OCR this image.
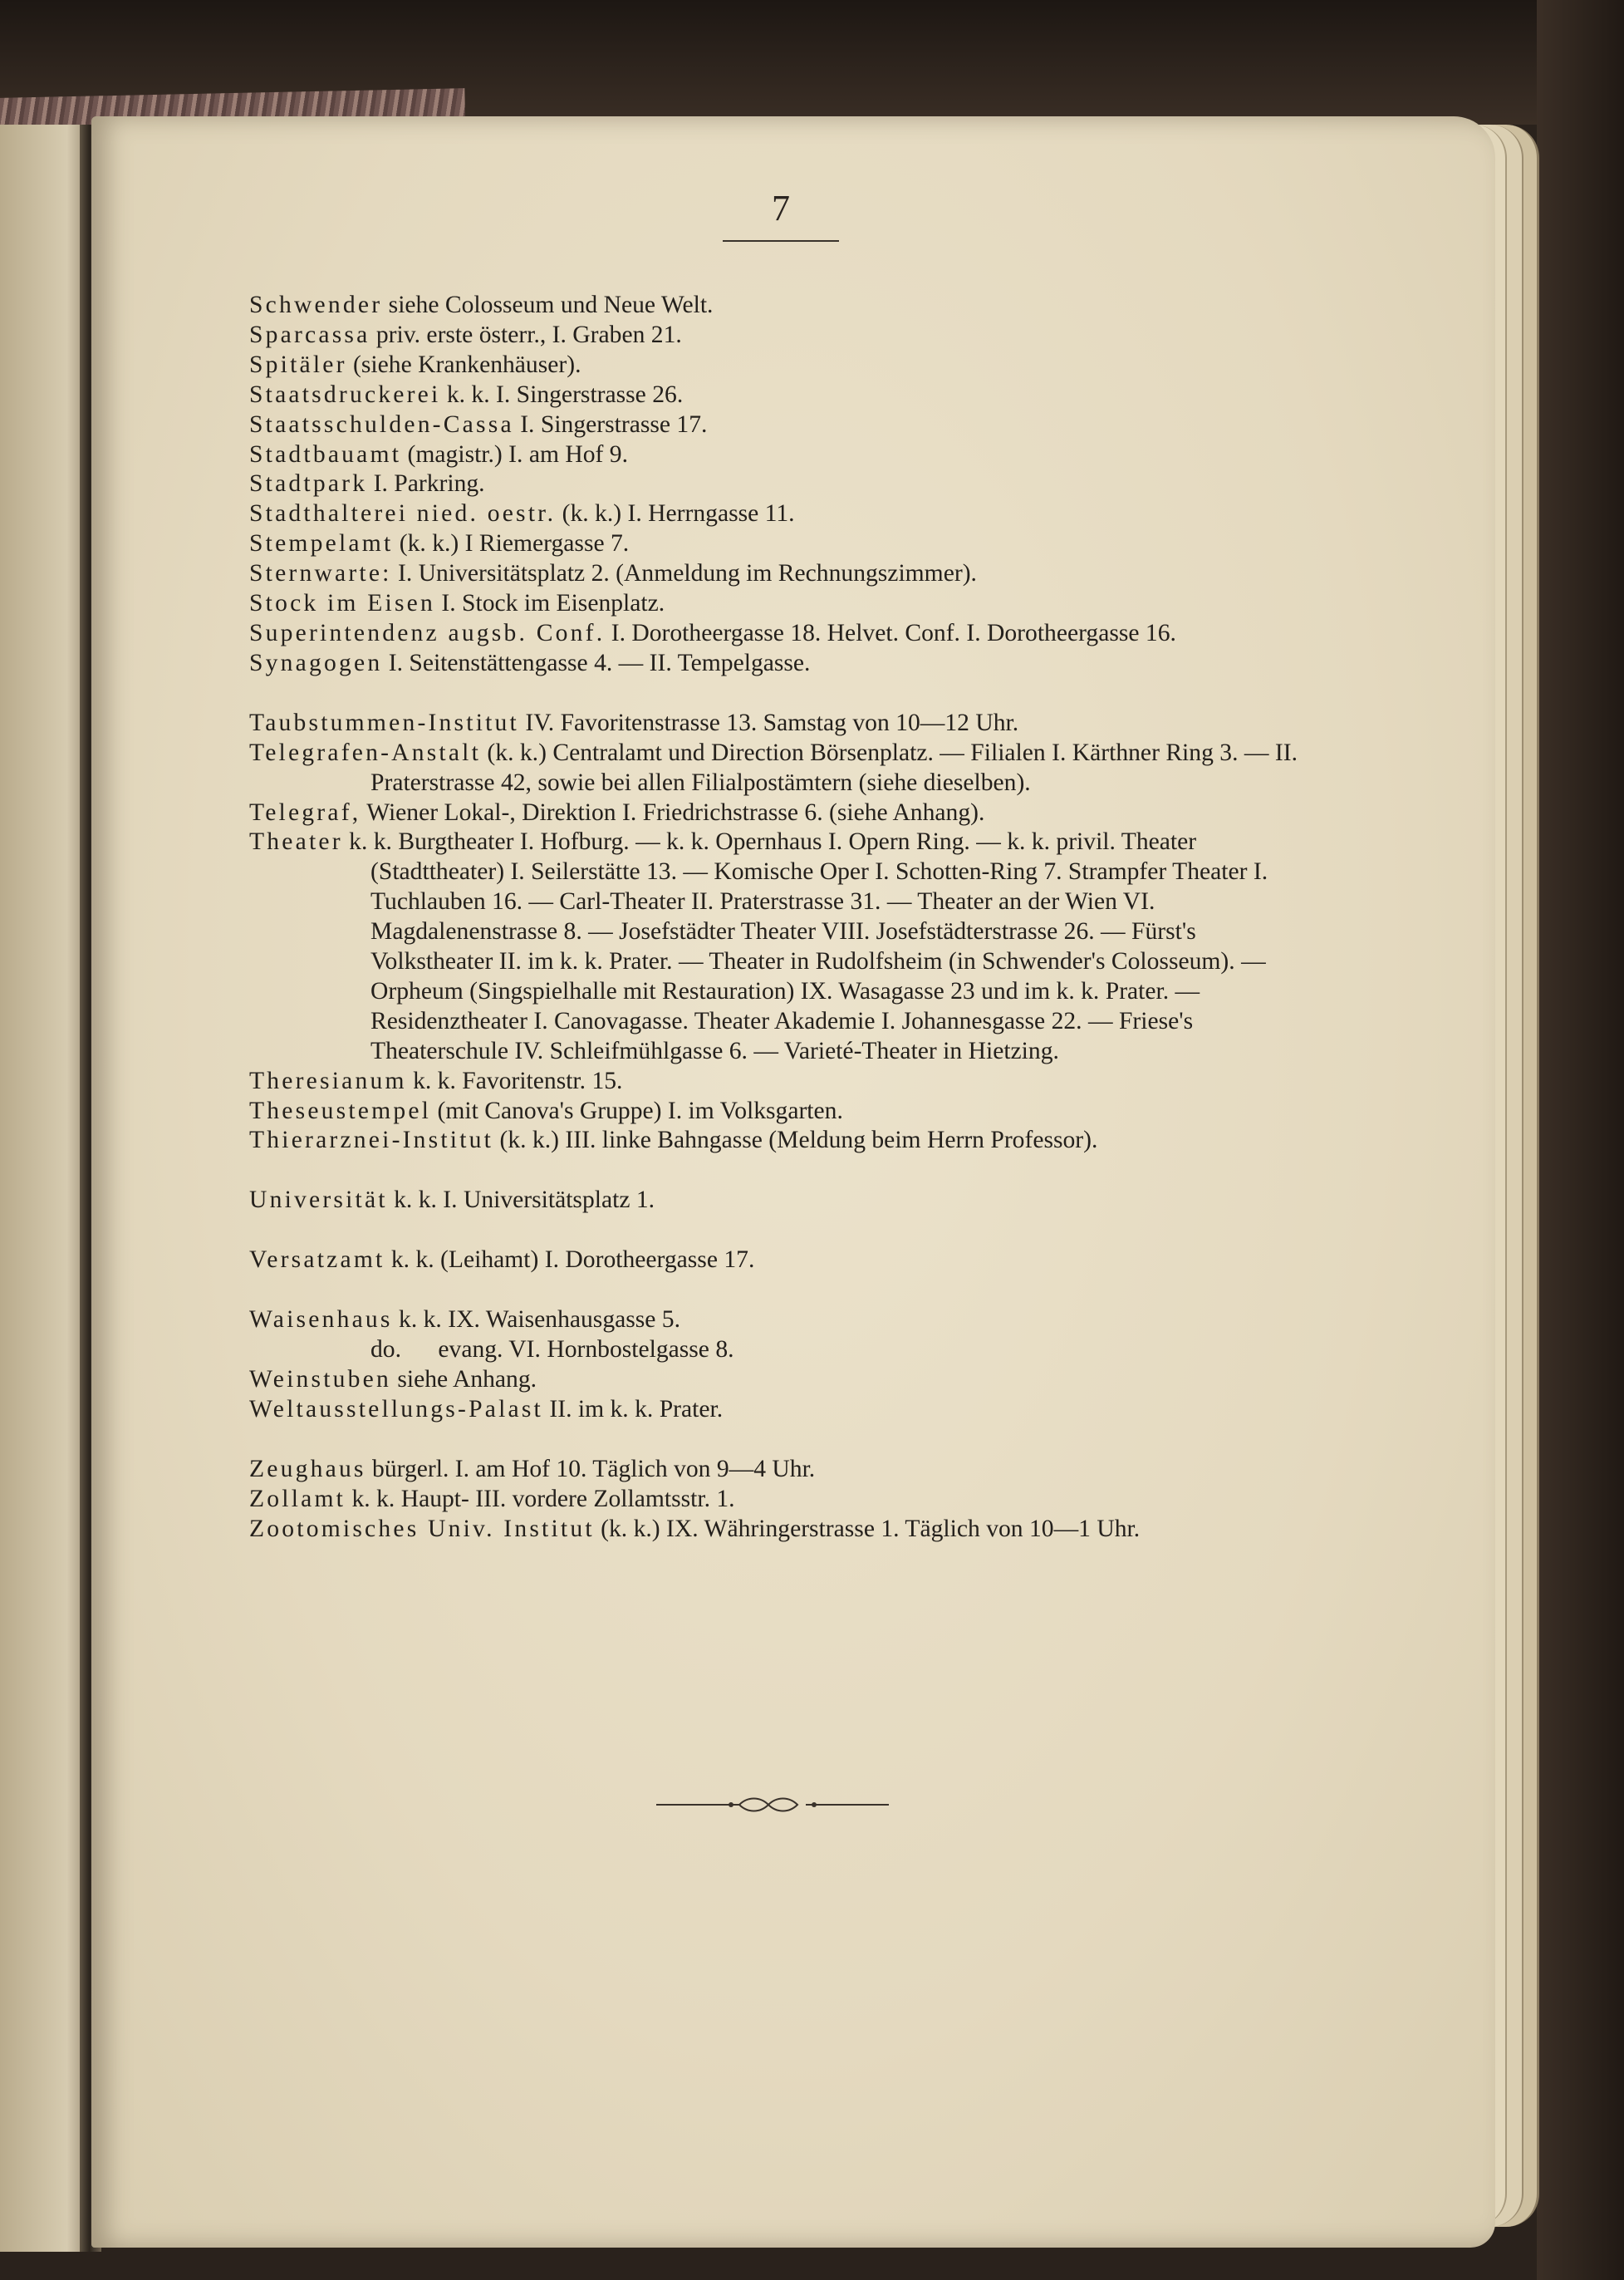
7

Schwender siehe Colosseum und Neue Welt.

Sparcassa priv. erste österr., I. Graben 21.

Spitäler (siehe Krankenhäuser).

Staatsdruckerei k. k. I. Singerstrasse 26.

Staatsschulden-Cassa I. Singerstrasse 17.

Stadtbauamt (magistr.) I. am Hof 9.

Stadtpark I. Parkring.

Stadthalterei nied. oestr. (k. k.) I. Herrngasse 11.

Stempelamt (k. k.) I Riemergasse 7.

Sternwarte: I. Universitätsplatz 2. (Anmeldung im Rechnungszimmer).

Stock im Eisen I. Stock im Eisenplatz.

Superintendenz augsb. Conf. I. Dorotheergasse 18. Helvet. Conf. I. Dorotheergasse 16.

Synagogen I. Seitenstättengasse 4. — II. Tempelgasse.

Taubstummen-Institut IV. Favoritenstrasse 13. Samstag von 10—12 Uhr.

Telegrafen-Anstalt (k. k.) Centralamt und Direction Börsenplatz. — Filialen I. Kärthner Ring 3. — II. Praterstrasse 42, sowie bei allen Filialpostämtern (siehe dieselben).

Telegraf, Wiener Lokal-, Direktion I. Friedrichstrasse 6. (siehe Anhang).

Theater k. k. Burgtheater I. Hofburg. — k. k. Opernhaus I. Opern Ring. — k. k. privil. Theater (Stadttheater) I. Seilerstätte 13. — Komische Oper I. Schotten-Ring 7. Strampfer Theater I. Tuchlauben 16. — Carl-Theater II. Praterstrasse 31. — Theater an der Wien VI. Magdalenenstrasse 8. — Josefstädter Theater VIII. Josefstädterstrasse 26. — Fürst's Volkstheater II. im k. k. Prater. — Theater in Rudolfsheim (in Schwender's Colosseum). — Orpheum (Singspielhalle mit Restauration) IX. Wasagasse 23 und im k. k. Prater. — Residenztheater I. Canovagasse. Theater Akademie I. Johannesgasse 22. — Friese's Theaterschule IV. Schleifmühlgasse 6. — Varieté-Theater in Hietzing.

Theresianum k. k. Favoritenstr. 15.

Theseustempel (mit Canova's Gruppe) I. im Volksgarten.

Thierarznei-Institut (k. k.) III. linke Bahngasse (Meldung beim Herrn Professor).

Universität k. k. I. Universitätsplatz 1.

Versatzamt k. k. (Leihamt) I. Dorotheergasse 17.

Waisenhaus k. k. IX. Waisenhausgasse 5.

do.      evang. VI. Hornbostelgasse 8.

Weinstuben siehe Anhang.

Weltausstellungs-Palast II. im k. k. Prater.

Zeughaus bürgerl. I. am Hof 10. Täglich von 9—4 Uhr.

Zollamt k. k. Haupt- III. vordere Zollamtsstr. 1.

Zootomisches Univ. Institut (k. k.) IX. Währingerstrasse 1. Täglich von 10—1 Uhr.
